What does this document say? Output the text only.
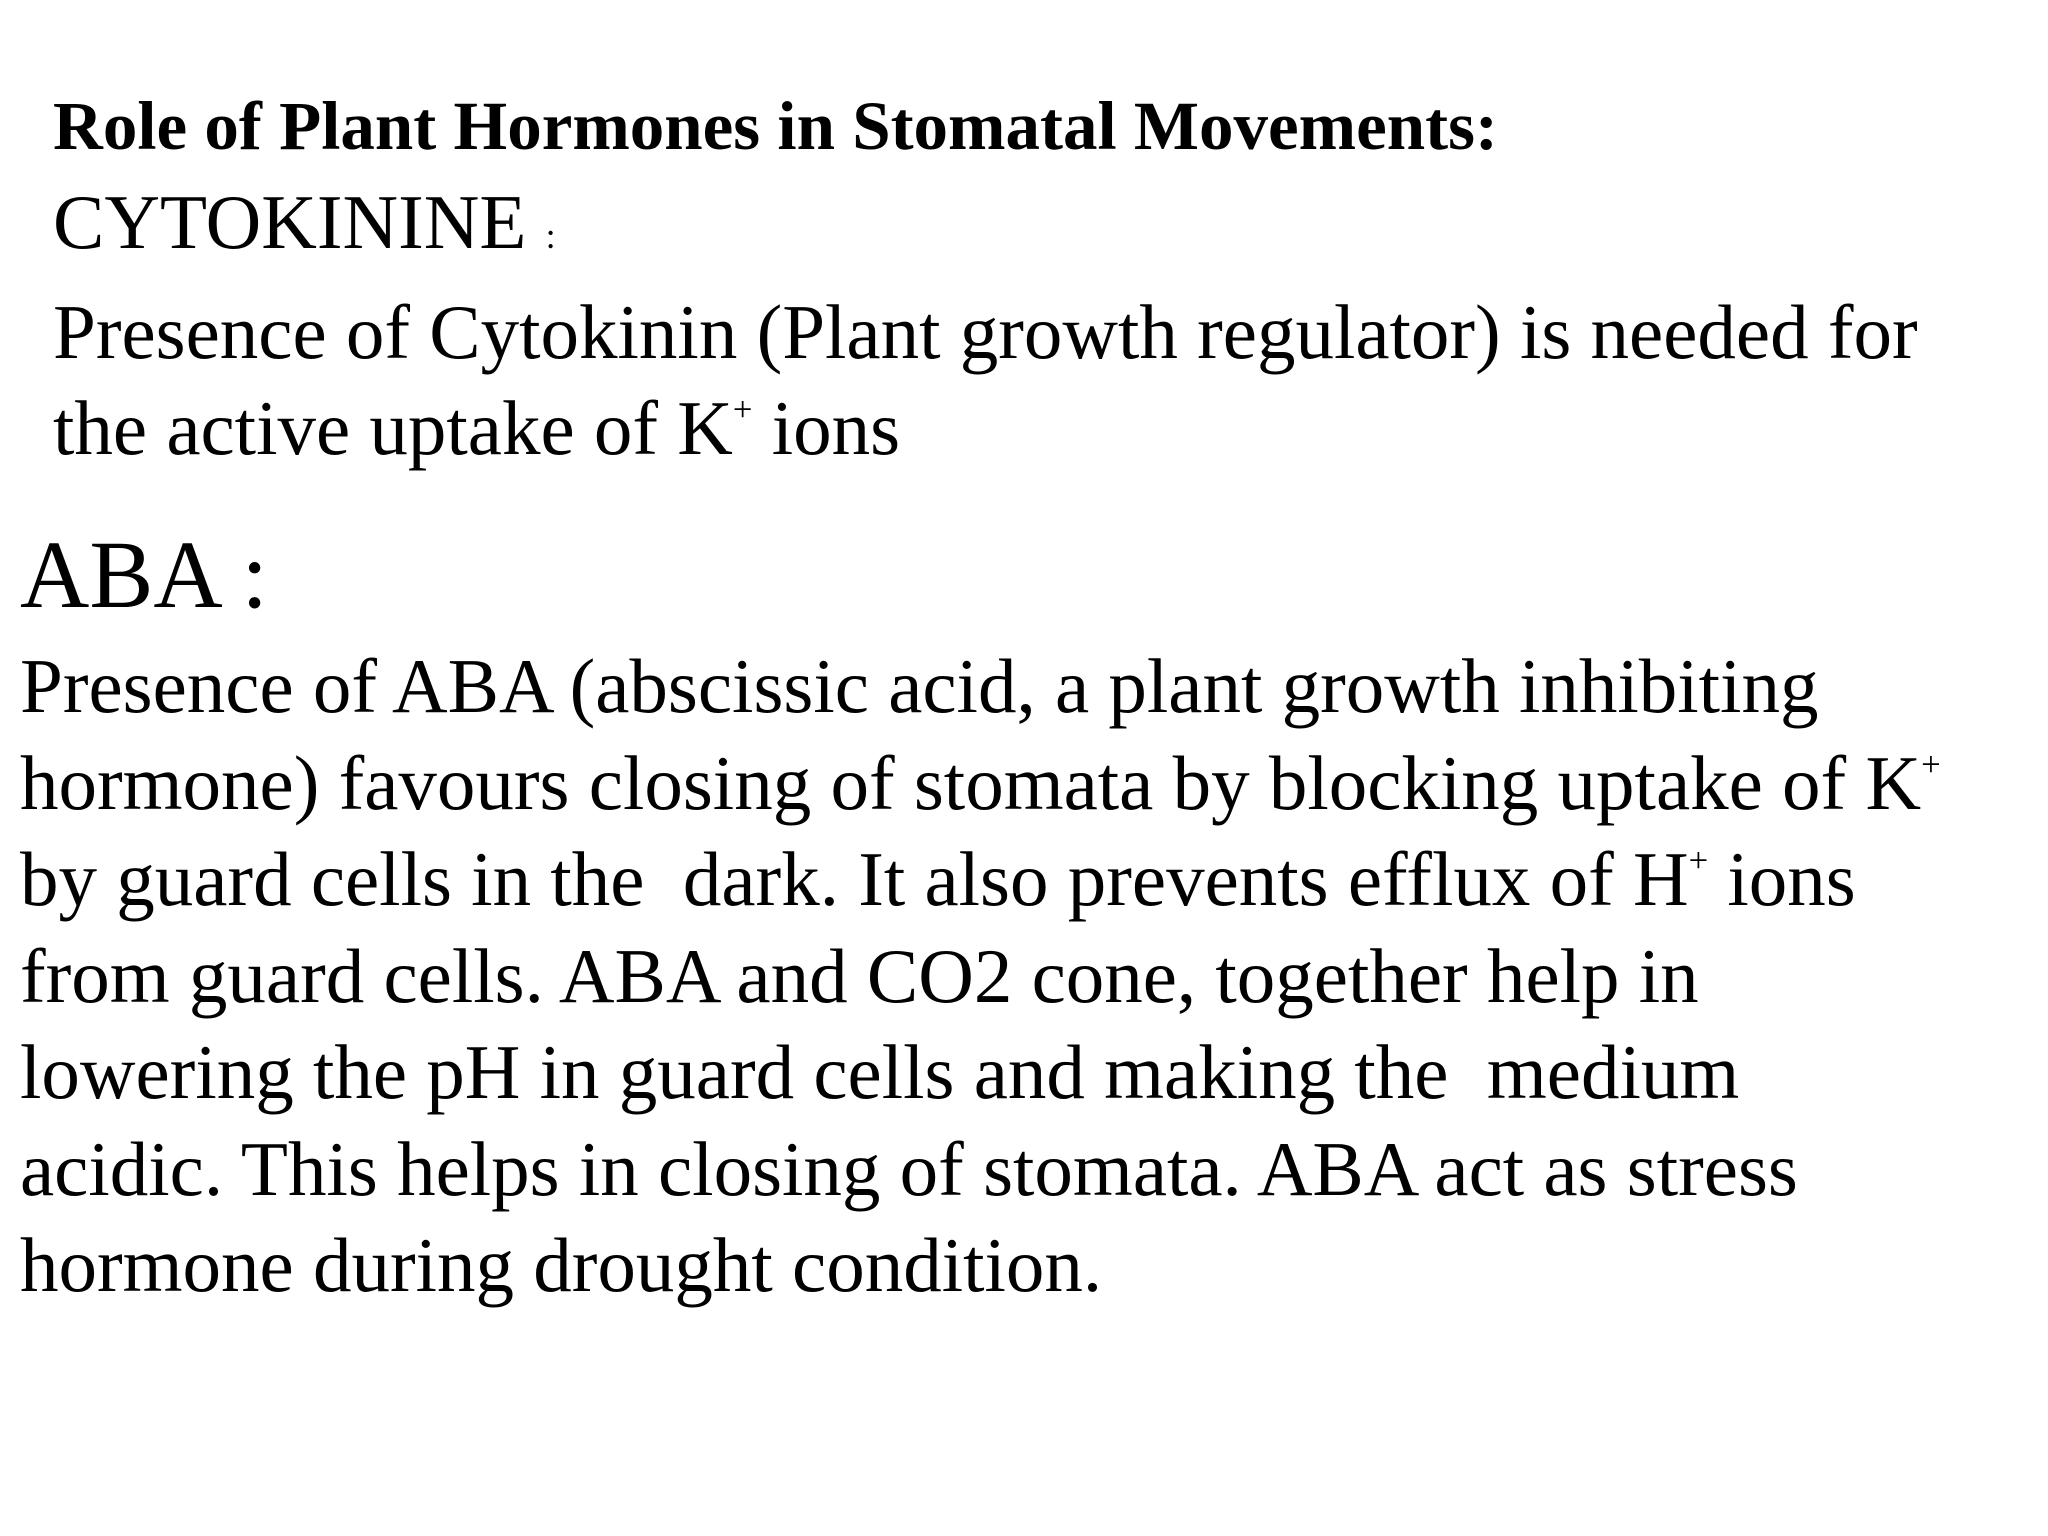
Role of Plant Hormones in Stomatal Movements:

CYTOKININE :

Presence of Cytokinin (Plant growth regulator) is needed for
the active uptake of K+ ions

ABA :

Presence of ABA (abscissic acid, a plant growth inhibiting
hormone) favours closing of stomata by blocking uptake of K+
by guard cells in the  dark. It also prevents efflux of H+ ions
from guard cells. ABA and CO2 cone, together help in
lowering the pH in guard cells and making the  medium
acidic. This helps in closing of stomata. ABA act as stress
hormone during drought condition.
